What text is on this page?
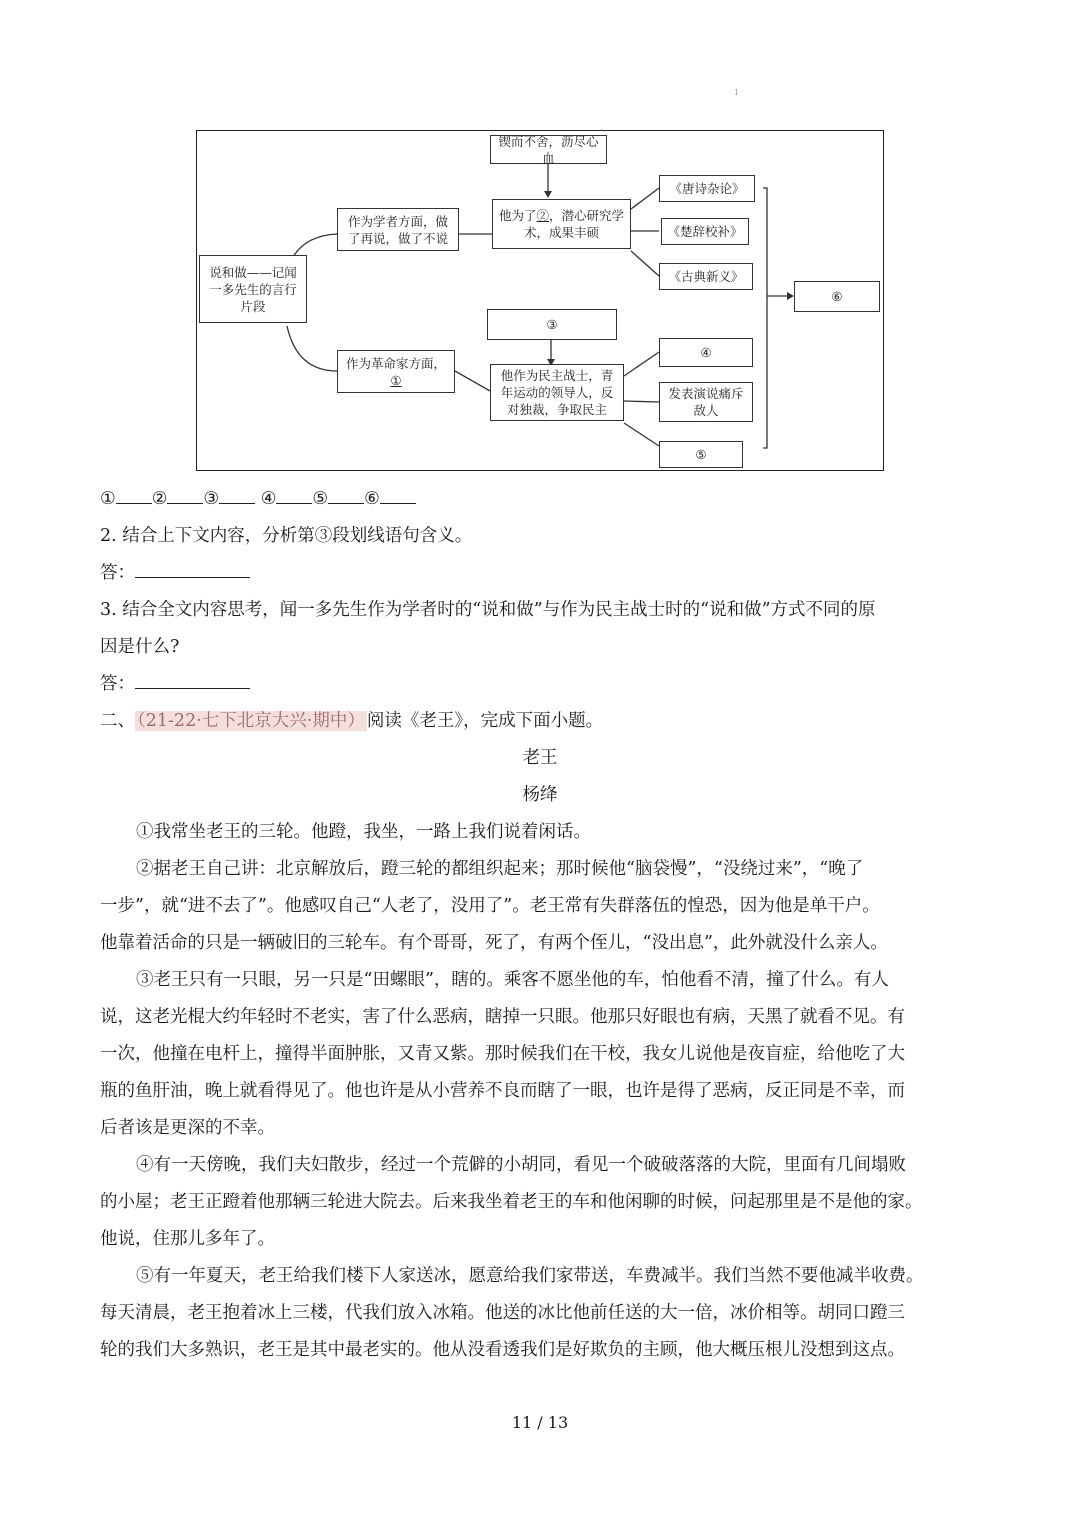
1
说和做——记闻一多先生的言行片段
作为学者方面，做了再说，做了不说
作为革命家方面，
①
锲而不舍，沥尽心血
他为了②，潜心研究学术，成果丰硕
《唐诗杂论》
《楚辞校补》
《古典新义》
③
他作为民主战士，青年运动的领导人，反对独裁，争取民主
④
发表演说痛斥敌人
⑤
⑥
① ② ③ ④ ⑤ ⑥
2. 结合上下文内容，分析第③段划线语句含义。
答：
3. 结合全文内容思考，闻一多先生作为学者时的“说和做”与作为民主战士时的“说和做”方式不同的原
因是什么?
答：
二、 （21-22·七下北京大兴·期中） 阅读《老王》，完成下面小题。
老王
杨绛
①我常坐老王的三轮。他蹬，我坐，一路上我们说着闲话。
②据老王自己讲：北京解放后，蹬三轮的都组织起来；那时候他“脑袋慢”，“没绕过来”，“晚了
一步”，就“进不去了”。他感叹自己“人老了，没用了”。老王常有失群落伍的惶恐，因为他是单干户。
他靠着活命的只是一辆破旧的三轮车。有个哥哥，死了，有两个侄儿，“没出息”，此外就没什么亲人。
③老王只有一只眼，另一只是“田螺眼”，瞎的。乘客不愿坐他的车，怕他看不清，撞了什么。有人
说，这老光棍大约年轻时不老实，害了什么恶病，瞎掉一只眼。他那只好眼也有病，天黑了就看不见。有
一次，他撞在电杆上，撞得半面肿胀，又青又紫。那时候我们在干校，我女儿说他是夜盲症，给他吃了大
瓶的鱼肝油，晚上就看得见了。他也许是从小营养不良而瞎了一眼，也许是得了恶病，反正同是不幸，而
后者该是更深的不幸。
④有一天傍晚，我们夫妇散步，经过一个荒僻的小胡同，看见一个破破落落的大院，里面有几间塌败
的小屋；老王正蹬着他那辆三轮进大院去。后来我坐着老王的车和他闲聊的时候，问起那里是不是他的家。
他说，住那儿多年了。
⑤有一年夏天，老王给我们楼下人家送冰，愿意给我们家带送，车费减半。我们当然不要他减半收费。
每天清晨，老王抱着冰上三楼，代我们放入冰箱。他送的冰比他前任送的大一倍，冰价相等。胡同口蹬三
轮的我们大多熟识，老王是其中最老实的。他从没看透我们是好欺负的主顾，他大概压根儿没想到这点。
11 / 13
